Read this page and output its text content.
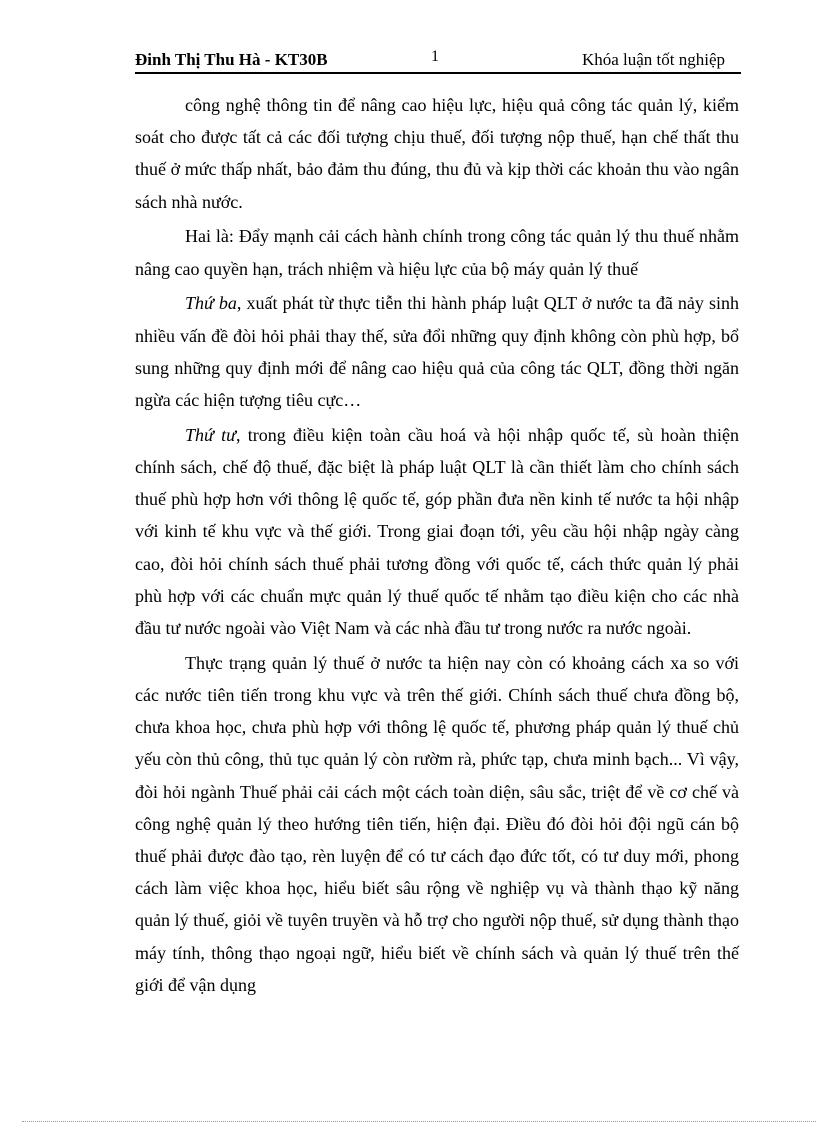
Đinh Thị Thu Hà - KT30B	1	Khóa luận tốt nghiệp

công nghệ thông tin để nâng cao hiệu lực, hiệu quả công tác quản lý, kiểm soát cho được tất cả các đối tượng chịu thuế, đối tượng nộp thuế, hạn chế thất thu thuế ở mức thấp nhất, bảo đảm thu đúng, thu đủ và kịp thời các khoản thu vào ngân sách nhà nước.

Hai là: Đẩy mạnh cải cách hành chính trong công tác quản lý thu thuế nhằm nâng cao quyền hạn, trách nhiệm và hiệu lực của bộ máy quản lý thuế

Thứ ba, xuất phát từ thực tiễn thi hành pháp luật QLT ở nước ta đã nảy sinh nhiều vấn đề đòi hỏi phải thay thế, sửa đổi những quy định không còn phù hợp, bổ sung những quy định mới để nâng cao hiệu quả của công tác QLT, đồng thời ngăn ngừa các hiện tượng tiêu cực…

Thứ tư, trong điều kiện toàn cầu hoá và hội nhập quốc tế, sù hoàn thiện chính sách, chế độ thuế, đặc biệt là pháp luật QLT là cần thiết làm cho chính sách thuế phù hợp hơn với thông lệ quốc tế, góp phần đưa nền kinh tế nước ta hội nhập với kinh tế khu vực và thế giới. Trong giai đoạn tới, yêu cầu hội nhập ngày càng cao, đòi hỏi chính sách thuế phải tương đồng với quốc tế, cách thức quản lý phải phù hợp với các chuẩn mực quản lý thuế quốc tế nhằm tạo điều kiện cho các nhà đầu tư nước ngoài vào Việt Nam và các nhà đầu tư trong nước ra nước ngoài.

Thực trạng quản lý thuế ở nước ta hiện nay còn có khoảng cách xa so với các nước tiên tiến trong khu vực và trên thế giới. Chính sách thuế chưa đồng bộ, chưa khoa học, chưa phù hợp với thông lệ quốc tế, phương pháp quản lý thuế chủ yếu còn thủ công, thủ tục quản lý còn rườm rà, phức tạp, chưa minh bạch... Vì vậy, đòi hỏi ngành Thuế phải cải cách một cách toàn diện, sâu sắc, triệt để về cơ chế và công nghệ quản lý theo hướng tiên tiến, hiện đại. Điều đó đòi hỏi đội ngũ cán bộ thuế phải được đào tạo, rèn luyện để có tư cách đạo đức tốt, có tư duy mới, phong cách làm việc khoa học, hiểu biết sâu rộng về nghiệp vụ và thành thạo kỹ năng quản lý thuế, giỏi về tuyên truyền và hỗ trợ cho người nộp thuế, sử dụng thành thạo máy tính, thông thạo ngoại ngữ, hiểu biết về chính sách và quản lý thuế trên thế giới để vận dụng
